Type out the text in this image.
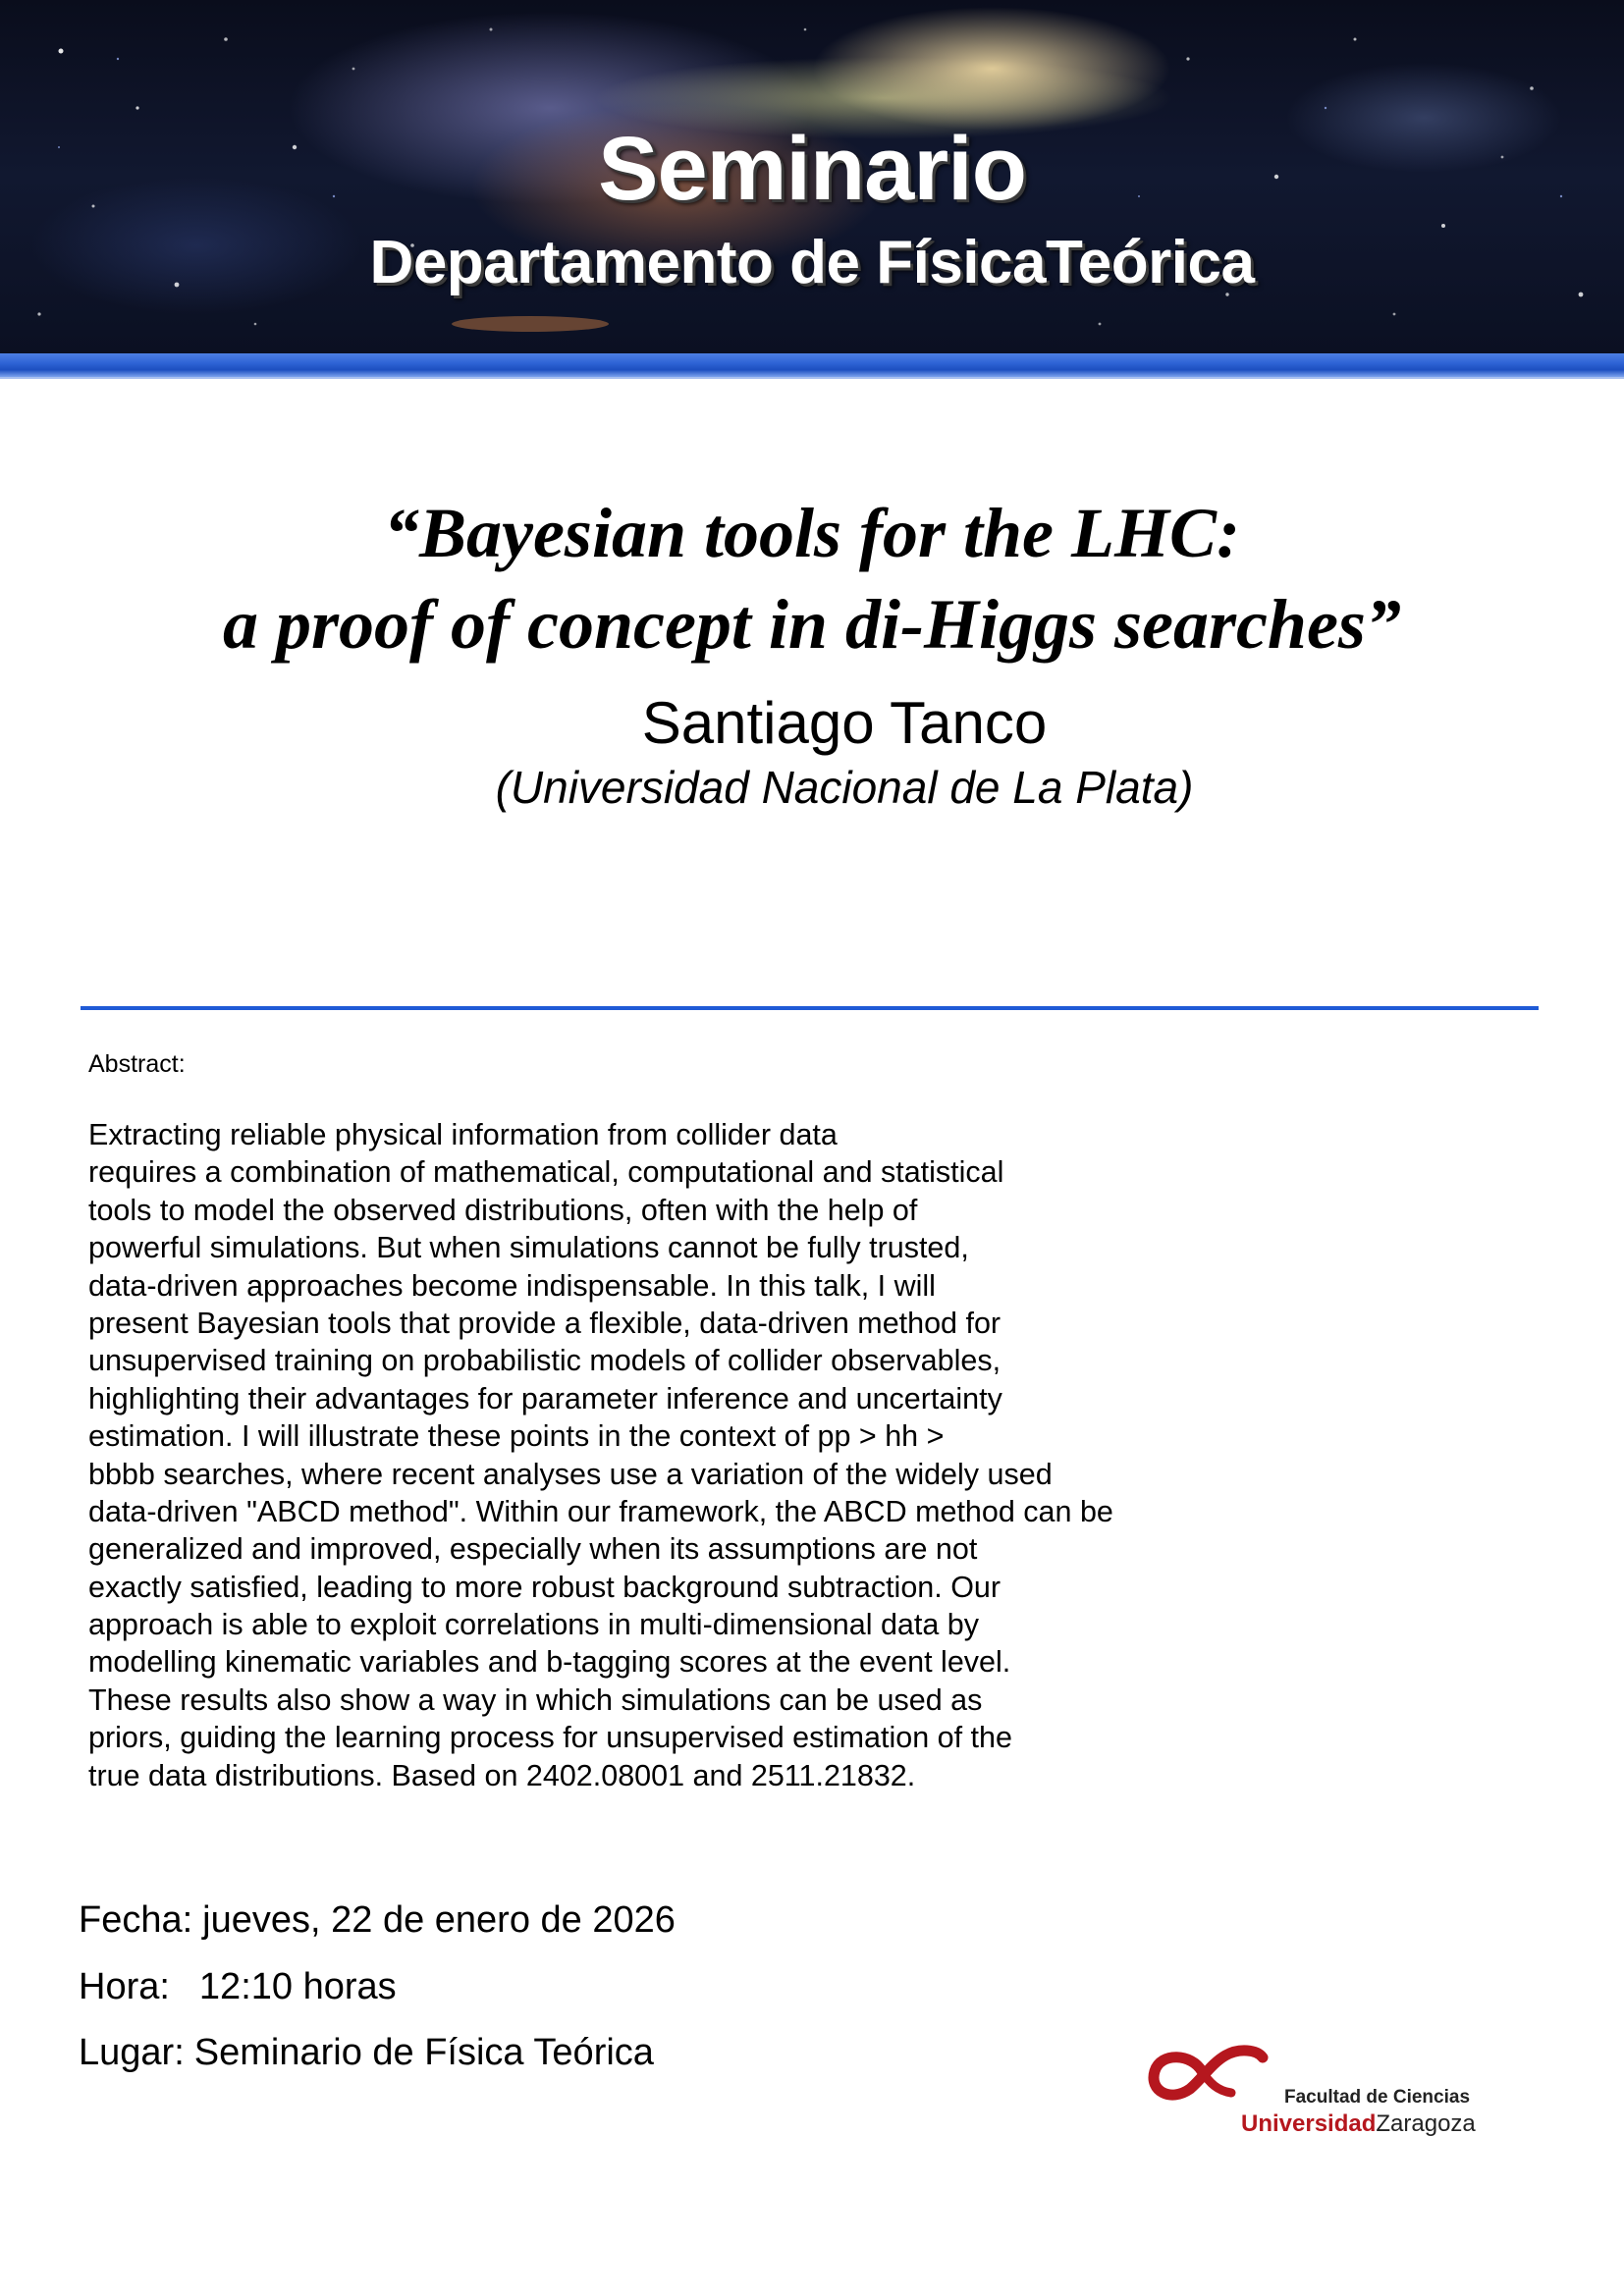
Seminario
Departamento de FísicaTeórica

“Bayesian tools for the LHC:

a proof of concept in di-Higgs searches”

Santiago Tanco

(Universidad Nacional de La Plata)

Abstract:
Extracting reliable physical information from collider data
requires a combination of mathematical, computational and statistical
tools to model the observed distributions, often with the help of
powerful simulations. But when simulations cannot be fully trusted,
data-driven approaches become indispensable. In this talk, I will
present Bayesian tools that provide a flexible, data-driven method for
unsupervised training on probabilistic models of collider observables,
highlighting their advantages for parameter inference and uncertainty
estimation. I will illustrate these points in the context of pp > hh >
bbbb searches, where recent analyses use a variation of the widely used
data-driven "ABCD method". Within our framework, the ABCD method can be
generalized and improved, especially when its assumptions are not
exactly satisfied, leading to more robust background subtraction. Our
approach is able to exploit correlations in multi-dimensional data by
modelling kinematic variables and b-tagging scores at the event level.
These results also show a way in which simulations can be used as
priors, guiding the learning process for unsupervised estimation of the
true data distributions. Based on 2402.08001 and 2511.21832.
Fecha: jueves, 22 de enero de 2026
Hora: 12:10 horas
Lugar: Seminario de Física Teórica
Facultad de Ciencias
UniversidadZaragoza
